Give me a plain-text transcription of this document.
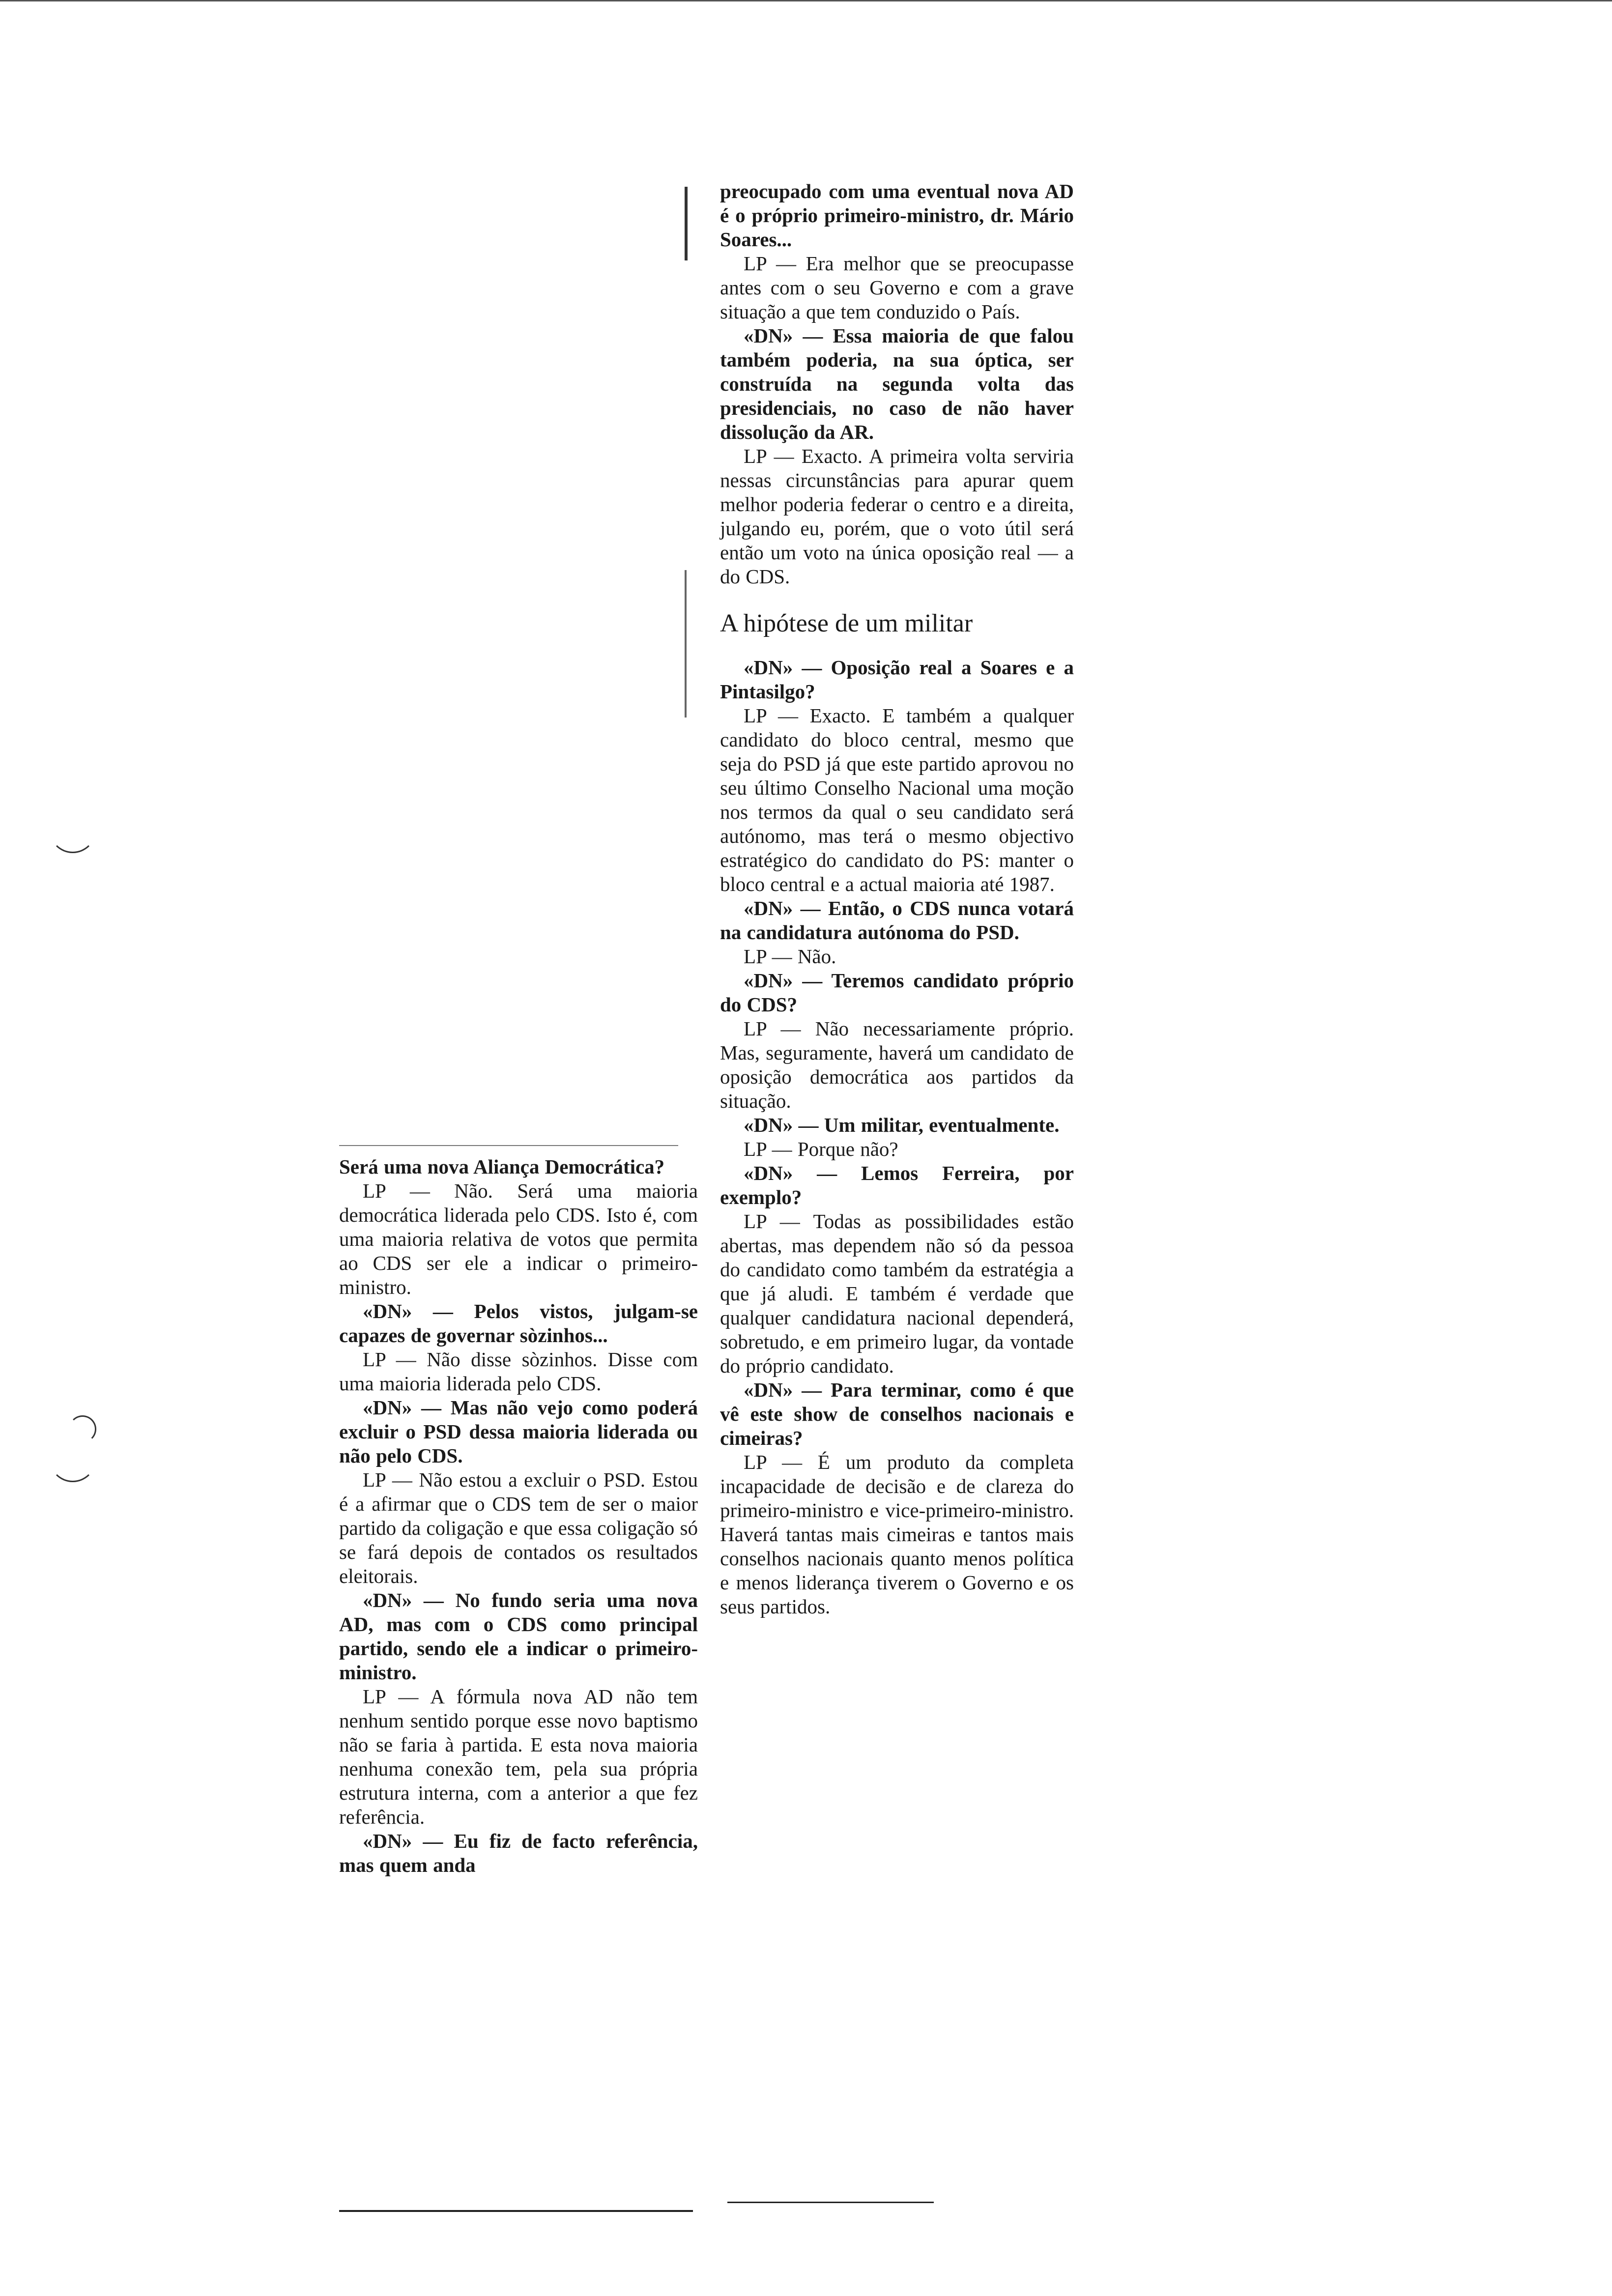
Será uma nova Aliança Democrática?

LP — Não. Será uma maioria democrática liderada pelo CDS. Isto é, com uma maioria relativa de votos que permita ao CDS ser ele a indicar o primeiro-ministro.

«DN» — Pelos vistos, julgam-se capazes de governar sòzinhos...

LP — Não disse sòzinhos. Disse com uma maioria liderada pelo CDS.

«DN» — Mas não vejo como poderá excluir o PSD dessa maioria liderada ou não pelo CDS.

LP — Não estou a excluir o PSD. Estou é a afirmar que o CDS tem de ser o maior partido da coligação e que essa coligação só se fará depois de contados os resultados eleitorais.

«DN» — No fundo seria uma nova AD, mas com o CDS como principal partido, sendo ele a indicar o primeiro-ministro.

LP — A fórmula nova AD não tem nenhum sentido porque esse novo baptismo não se faria à partida. E esta nova maioria nenhuma conexão tem, pela sua própria estrutura interna, com a anterior a que fez referência.

«DN» — Eu fiz de facto referência, mas quem anda

preocupado com uma eventual nova AD é o próprio primeiro-ministro, dr. Mário Soares...

LP — Era melhor que se preocupasse antes com o seu Governo e com a grave situação a que tem conduzido o País.

«DN» — Essa maioria de que falou também poderia, na sua óptica, ser construída na segunda volta das presidenciais, no caso de não haver dissolução da AR.

LP — Exacto. A primeira volta serviria nessas circunstâncias para apurar quem melhor poderia federar o centro e a direita, julgando eu, porém, que o voto útil será então um voto na única oposição real — a do CDS.

A hipótese de um militar

«DN» — Oposição real a Soares e a Pintasilgo?

LP — Exacto. E também a qualquer candidato do bloco central, mesmo que seja do PSD já que este partido aprovou no seu último Conselho Nacional uma moção nos termos da qual o seu candidato será autónomo, mas terá o mesmo objectivo estratégico do candidato do PS: manter o bloco central e a actual maioria até 1987.

«DN» — Então, o CDS nunca votará na candidatura autónoma do PSD.

LP — Não.

«DN» — Teremos candidato próprio do CDS?

LP — Não necessariamente próprio. Mas, seguramente, haverá um candidato de oposição democrática aos partidos da situação.

«DN» — Um militar, eventualmente.

LP — Porque não?

«DN» — Lemos Ferreira, por exemplo?

LP — Todas as possibilidades estão abertas, mas dependem não só da pessoa do candidato como também da estratégia a que já aludi. E também é verdade que qualquer candidatura nacional dependerá, sobretudo, e em primeiro lugar, da vontade do próprio candidato.

«DN» — Para terminar, como é que vê este show de conselhos nacionais e cimeiras?

LP — É um produto da completa incapacidade de decisão e de clareza do primeiro-ministro e vice-primeiro-ministro. Haverá tantas mais cimeiras e tantos mais conselhos nacionais quanto menos política e menos liderança tiverem o Governo e os seus partidos.
